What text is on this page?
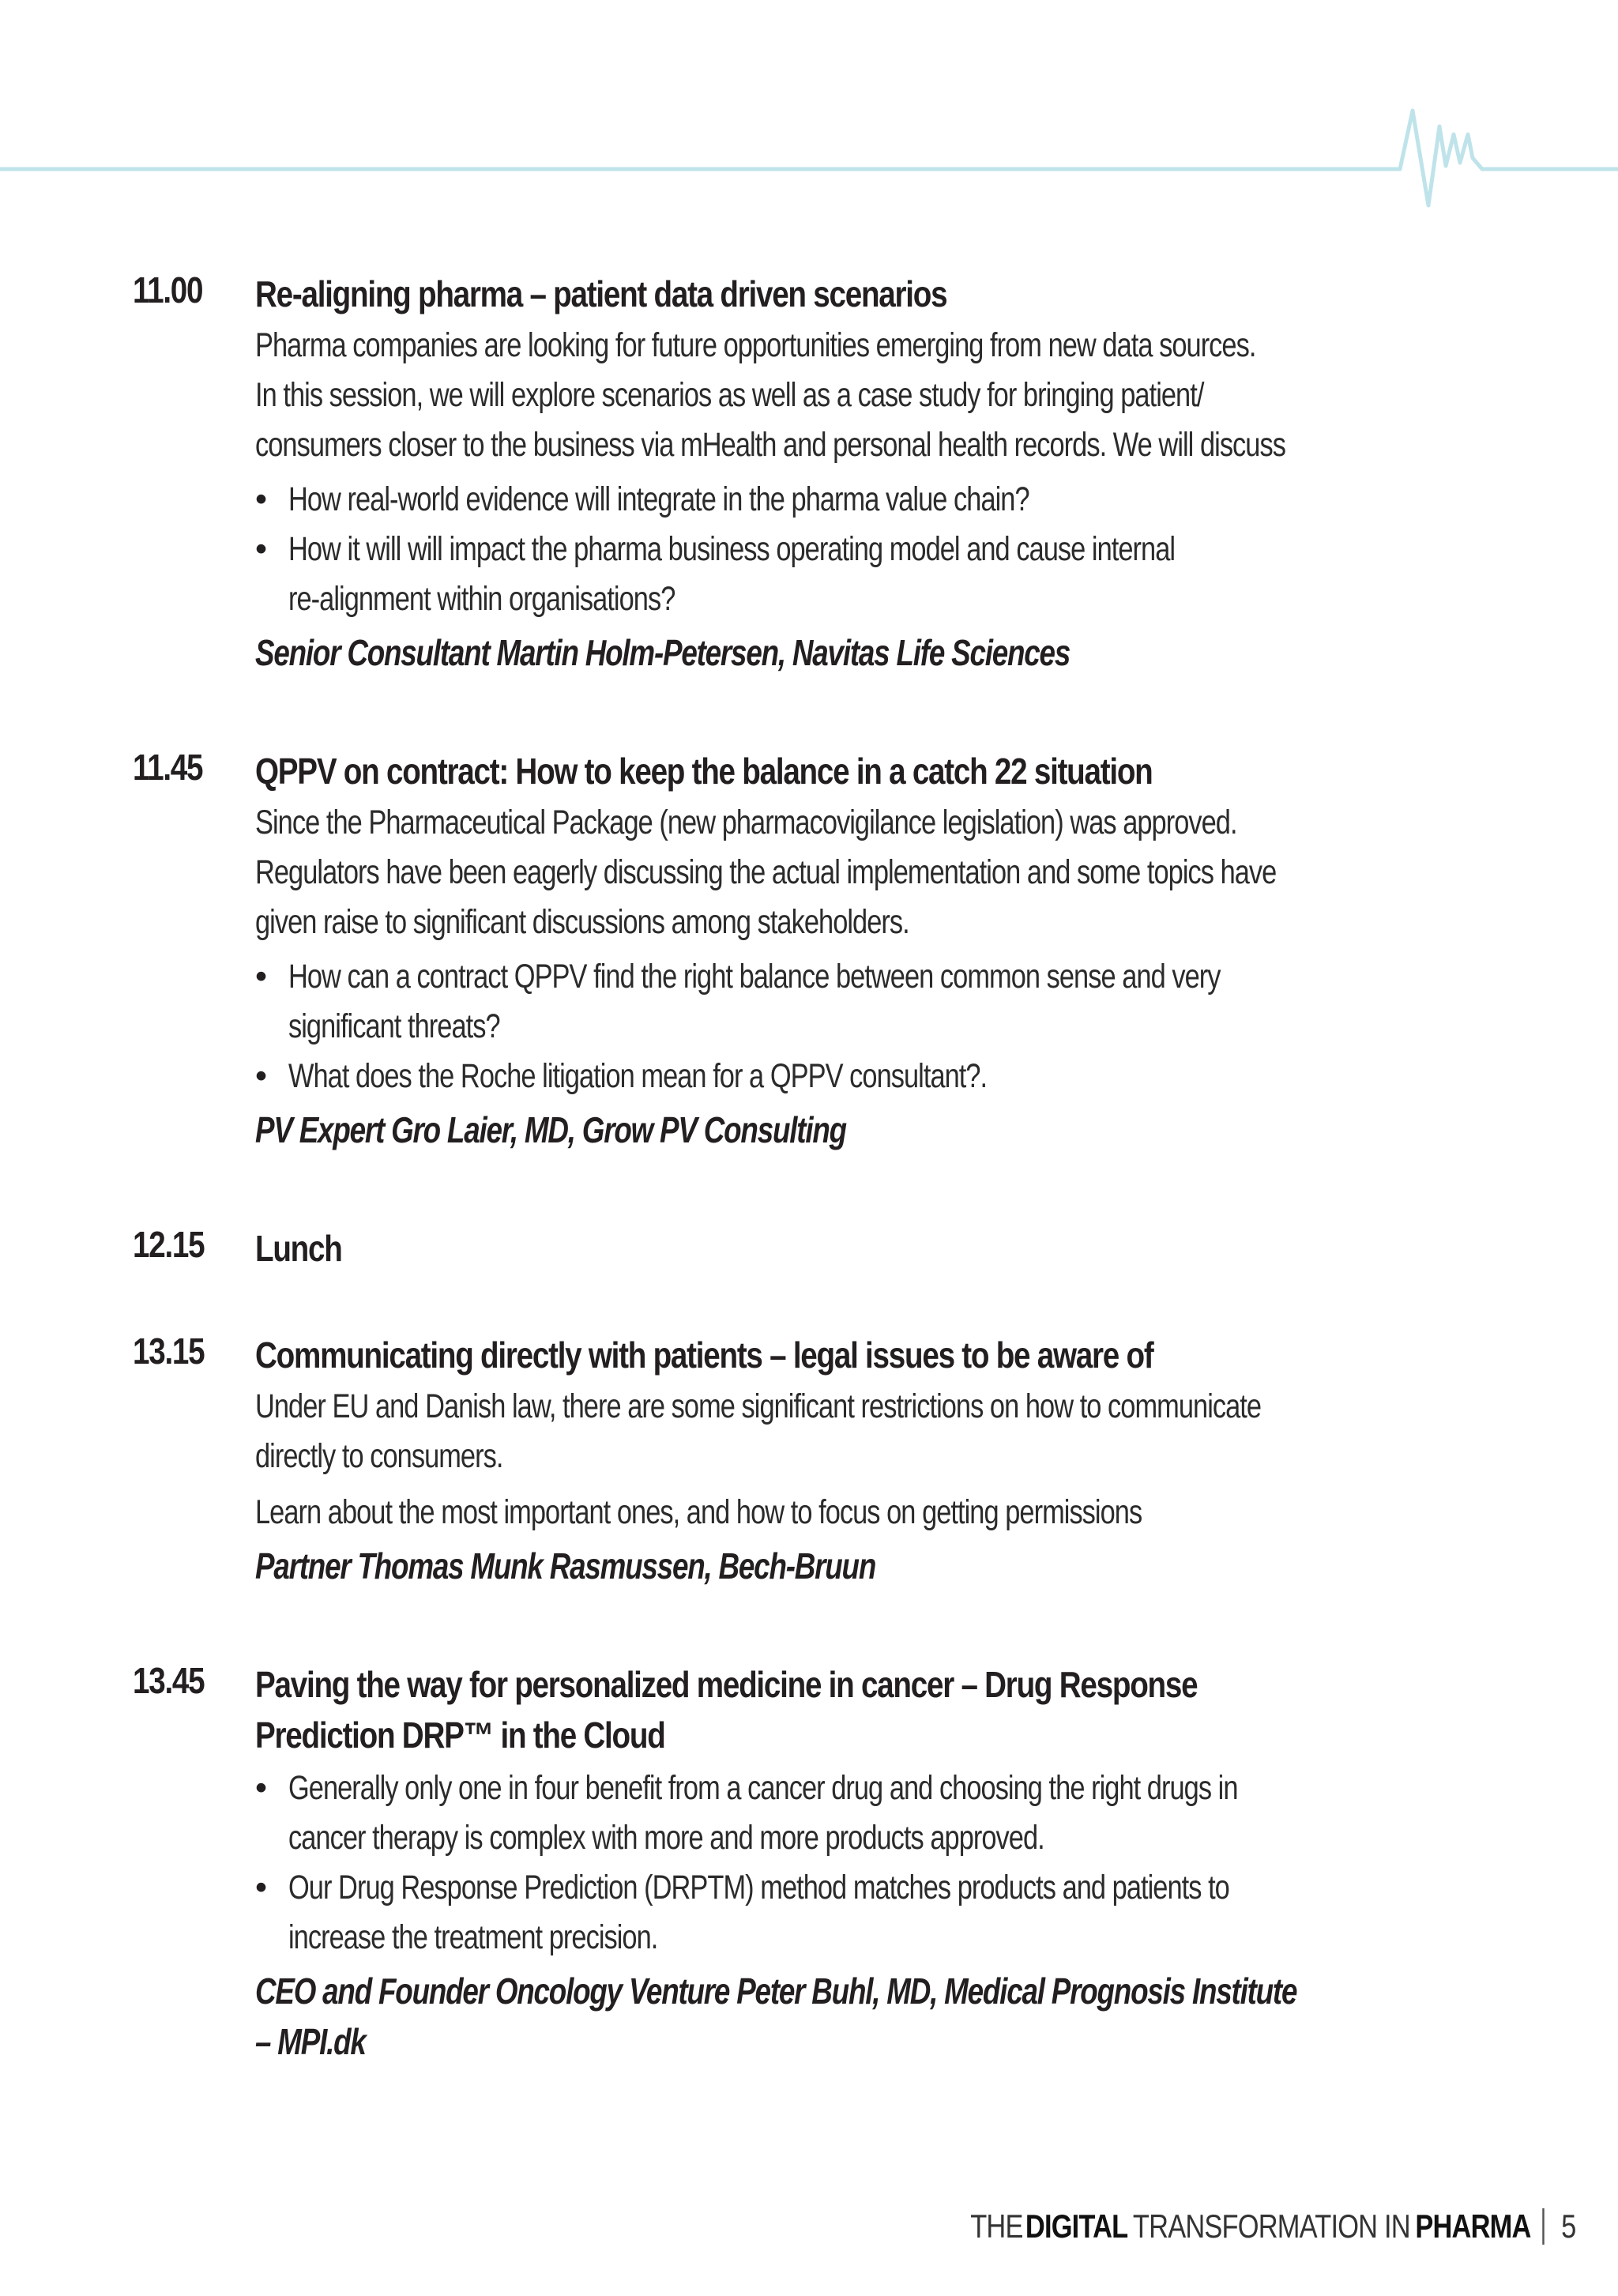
11.00 Re-aligning pharma – patient data driven scenarios
Pharma companies are looking for future opportunities emerging from new data sources.
In this session, we will explore scenarios as well as a case study for bringing patient/
consumers closer to the business via mHealth and personal health records. We will discuss
• How real-world evidence will integrate in the pharma value chain?
• How it will will impact the pharma business operating model and cause internal
re-alignment within organisations?
Senior Consultant Martin Holm-Petersen, Navitas Life Sciences
11.45 QPPV on contract: How to keep the balance in a catch 22 situation
Since the Pharmaceutical Package (new pharmacovigilance legislation) was approved.
Regulators have been eagerly discussing the actual implementation and some topics have
given raise to significant discussions among stakeholders.
• How can a contract QPPV find the right balance between common sense and very
significant threats?
• What does the Roche litigation mean for a QPPV consultant?.
PV Expert Gro Laier, MD, Grow PV Consulting
12.15 Lunch
13.15 Communicating directly with patients – legal issues to be aware of
Under EU and Danish law, there are some significant restrictions on how to communicate
directly to consumers.
Learn about the most important ones, and how to focus on getting permissions
Partner Thomas Munk Rasmussen, Bech-Bruun
13.45 Paving the way for personalized medicine in cancer – Drug Response
Prediction DRP™ in the Cloud
• Generally only one in four benefit from a cancer drug and choosing the right drugs in
cancer therapy is complex with more and more products approved.
• Our Drug Response Prediction (DRPTM) method matches products and patients to
increase the treatment precision.
CEO and Founder Oncology Venture Peter Buhl, MD, Medical Prognosis Institute
– MPI.dk
THE DIGITAL TRANSFORMATION IN PHARMA 5
